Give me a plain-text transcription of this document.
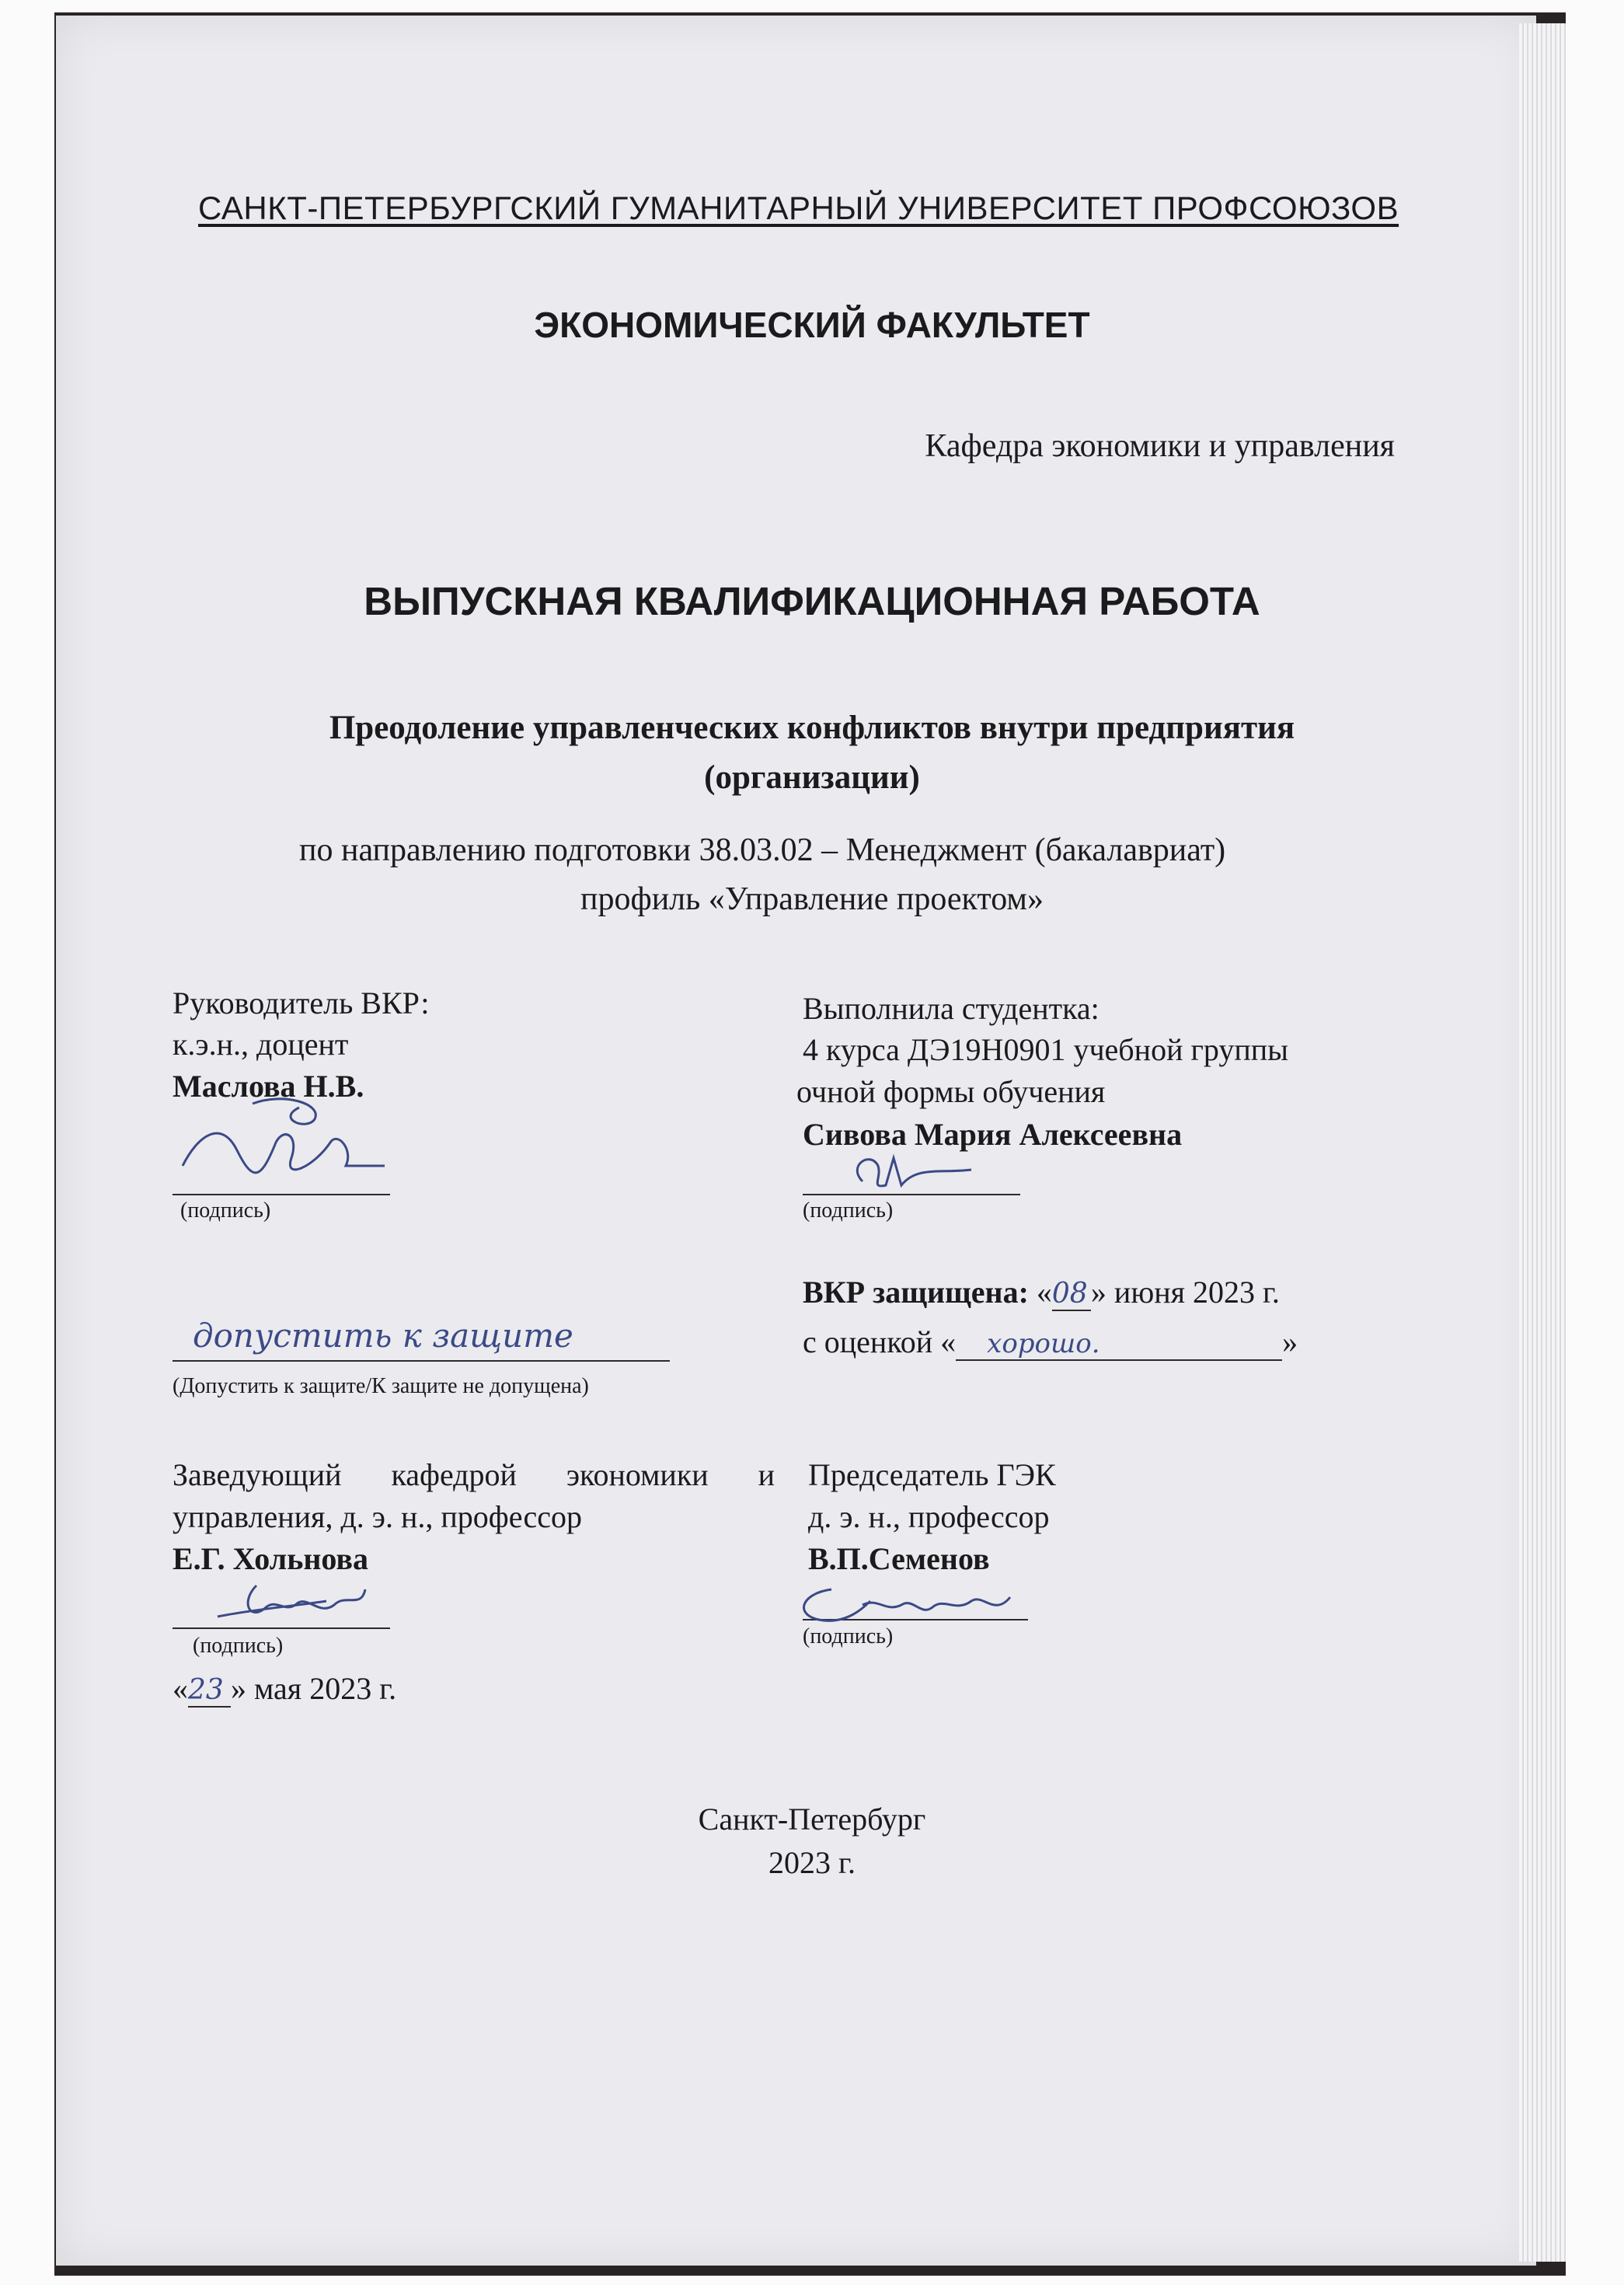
САНКТ-ПЕТЕРБУРГСКИЙ ГУМАНИТАРНЫЙ УНИВЕРСИТЕТ ПРОФСОЮЗОВ
ЭКОНОМИЧЕСКИЙ ФАКУЛЬТЕТ
Кафедра экономики и управления
ВЫПУСКНАЯ КВАЛИФИКАЦИОННАЯ РАБОТА
Преодоление управленческих конфликтов внутри предприятия
(организации)
по направлению подготовки 38.03.02 – Менеджмент (бакалавриат)
профиль «Управление проектом»
Руководитель ВКР:
к.э.н., доцент
Маслова Н.В.
(подпись)
Выполнила студентка:
4 курса ДЭ19Н0901 учебной группы
очной формы обучения
Сивова Мария Алексеевна
(подпись)
допустить к защите
(Допустить к защите/К защите не допущена)
ВКР защищена: «08 » июня 2023 г.
с оценкой « хорошо.	»
Заведующий кафедрой экономики и
управления, д. э. н., профессор
Е.Г. Хольнова
(подпись)
«23 » мая 2023 г.
Председатель ГЭК
д. э. н., профессор
В.П.Семенов
(подпись)
Санкт-Петербург
2023 г.
